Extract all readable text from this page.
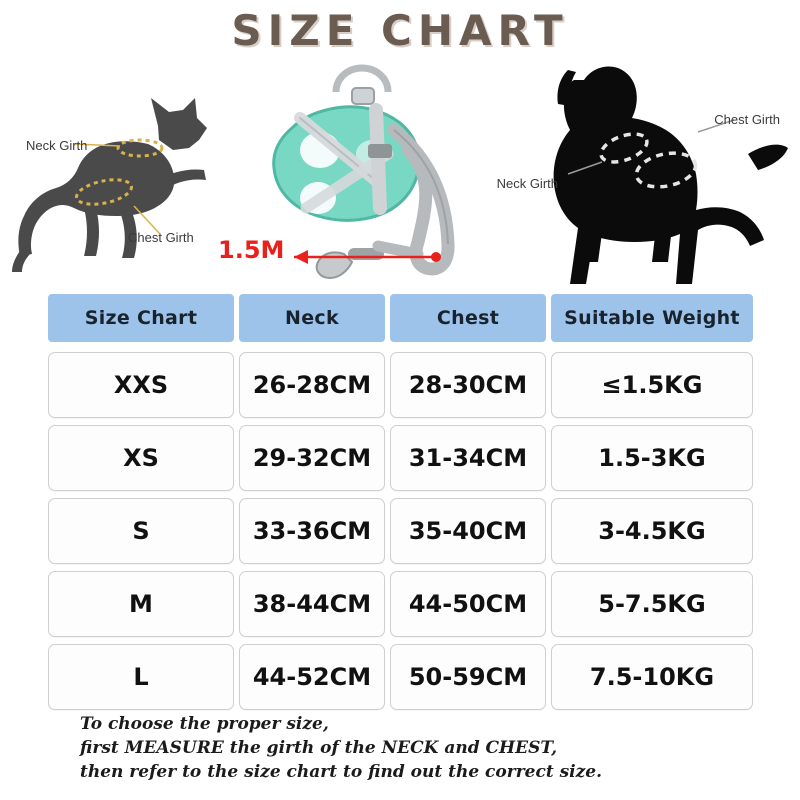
SIZE CHART
Neck Girth
Chest Girth 1.5M
Chest Girth
Neck Girth
Size Chart	Neck	Chest	Suitable Weight
XXS	26-28CM	28-30CM	≤1.5KG
XS	29-32CM	31-34CM	1.5-3KG
S	33-36CM	35-40CM	3-4.5KG
M	38-44CM	44-50CM	5-7.5KG
L	44-52CM	50-59CM	7.5-10KG
To choose the proper size,
first MEASURE the girth of the NECK and CHEST,
then refer to the size chart to find out the correct size.
